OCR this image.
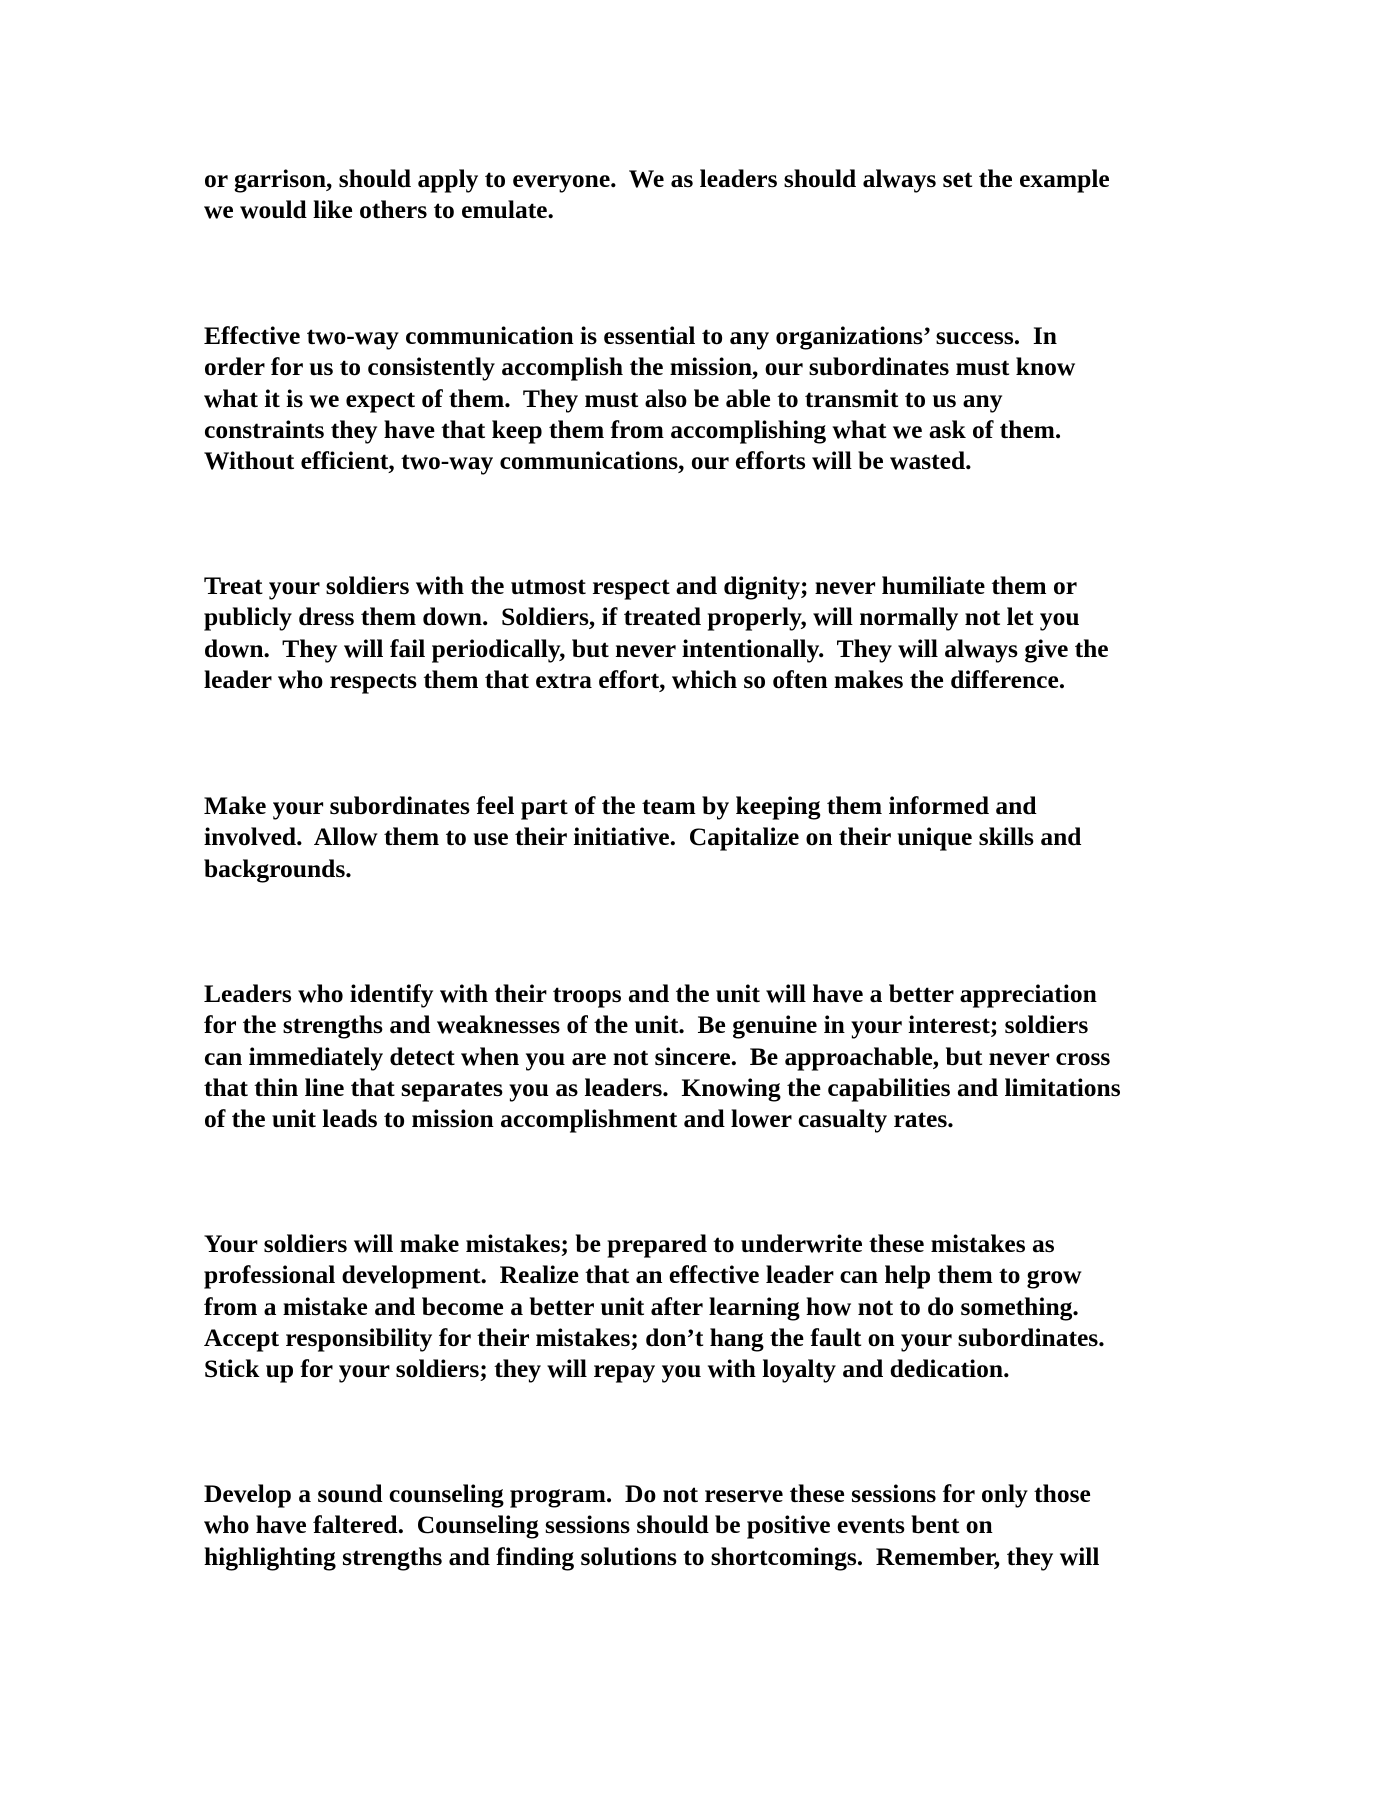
or garrison, should apply to everyone.  We as leaders should always set the example
we would like others to emulate.

Effective two-way communication is essential to any organizations’ success.  In
order for us to consistently accomplish the mission, our subordinates must know
what it is we expect of them.  They must also be able to transmit to us any
constraints they have that keep them from accomplishing what we ask of them.
Without efficient, two-way communications, our efforts will be wasted.

Treat your soldiers with the utmost respect and dignity; never humiliate them or
publicly dress them down.  Soldiers, if treated properly, will normally not let you
down.  They will fail periodically, but never intentionally.  They will always give the
leader who respects them that extra effort, which so often makes the difference.

Make your subordinates feel part of the team by keeping them informed and
involved.  Allow them to use their initiative.  Capitalize on their unique skills and
backgrounds.

Leaders who identify with their troops and the unit will have a better appreciation
for the strengths and weaknesses of the unit.  Be genuine in your interest; soldiers
can immediately detect when you are not sincere.  Be approachable, but never cross
that thin line that separates you as leaders.  Knowing the capabilities and limitations
of the unit leads to mission accomplishment and lower casualty rates.

Your soldiers will make mistakes; be prepared to underwrite these mistakes as
professional development.  Realize that an effective leader can help them to grow
from a mistake and become a better unit after learning how not to do something.
Accept responsibility for their mistakes; don’t hang the fault on your subordinates.
Stick up for your soldiers; they will repay you with loyalty and dedication.

Develop a sound counseling program.  Do not reserve these sessions for only those
who have faltered.  Counseling sessions should be positive events bent on
highlighting strengths and finding solutions to shortcomings.  Remember, they will
